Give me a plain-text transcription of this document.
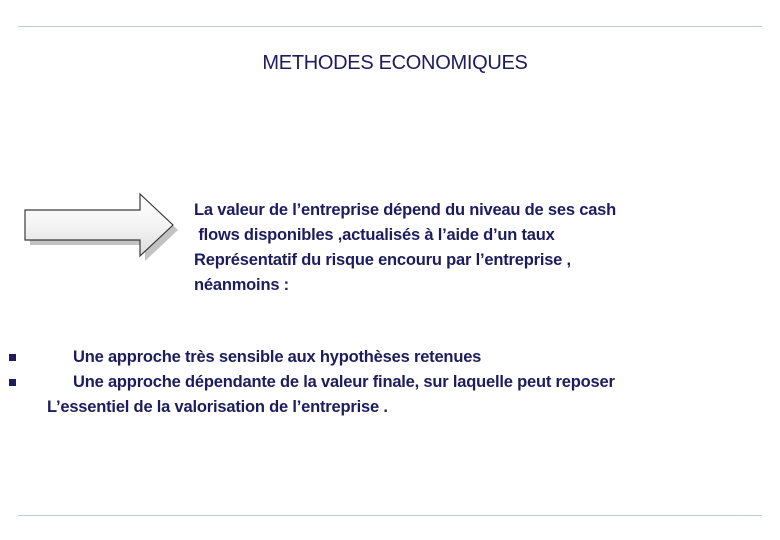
METHODES ECONOMIQUES
La valeur de l’entreprise dépend du niveau de ses cash
flows disponibles ,actualisés à l’aide d’un taux
Représentatif du risque encouru par l’entreprise ,
néanmoins :
Une approche très sensible aux hypothèses retenues
Une approche dépendante de la valeur finale, sur laquelle peut reposer
L’essentiel de la valorisation de l’entreprise .
